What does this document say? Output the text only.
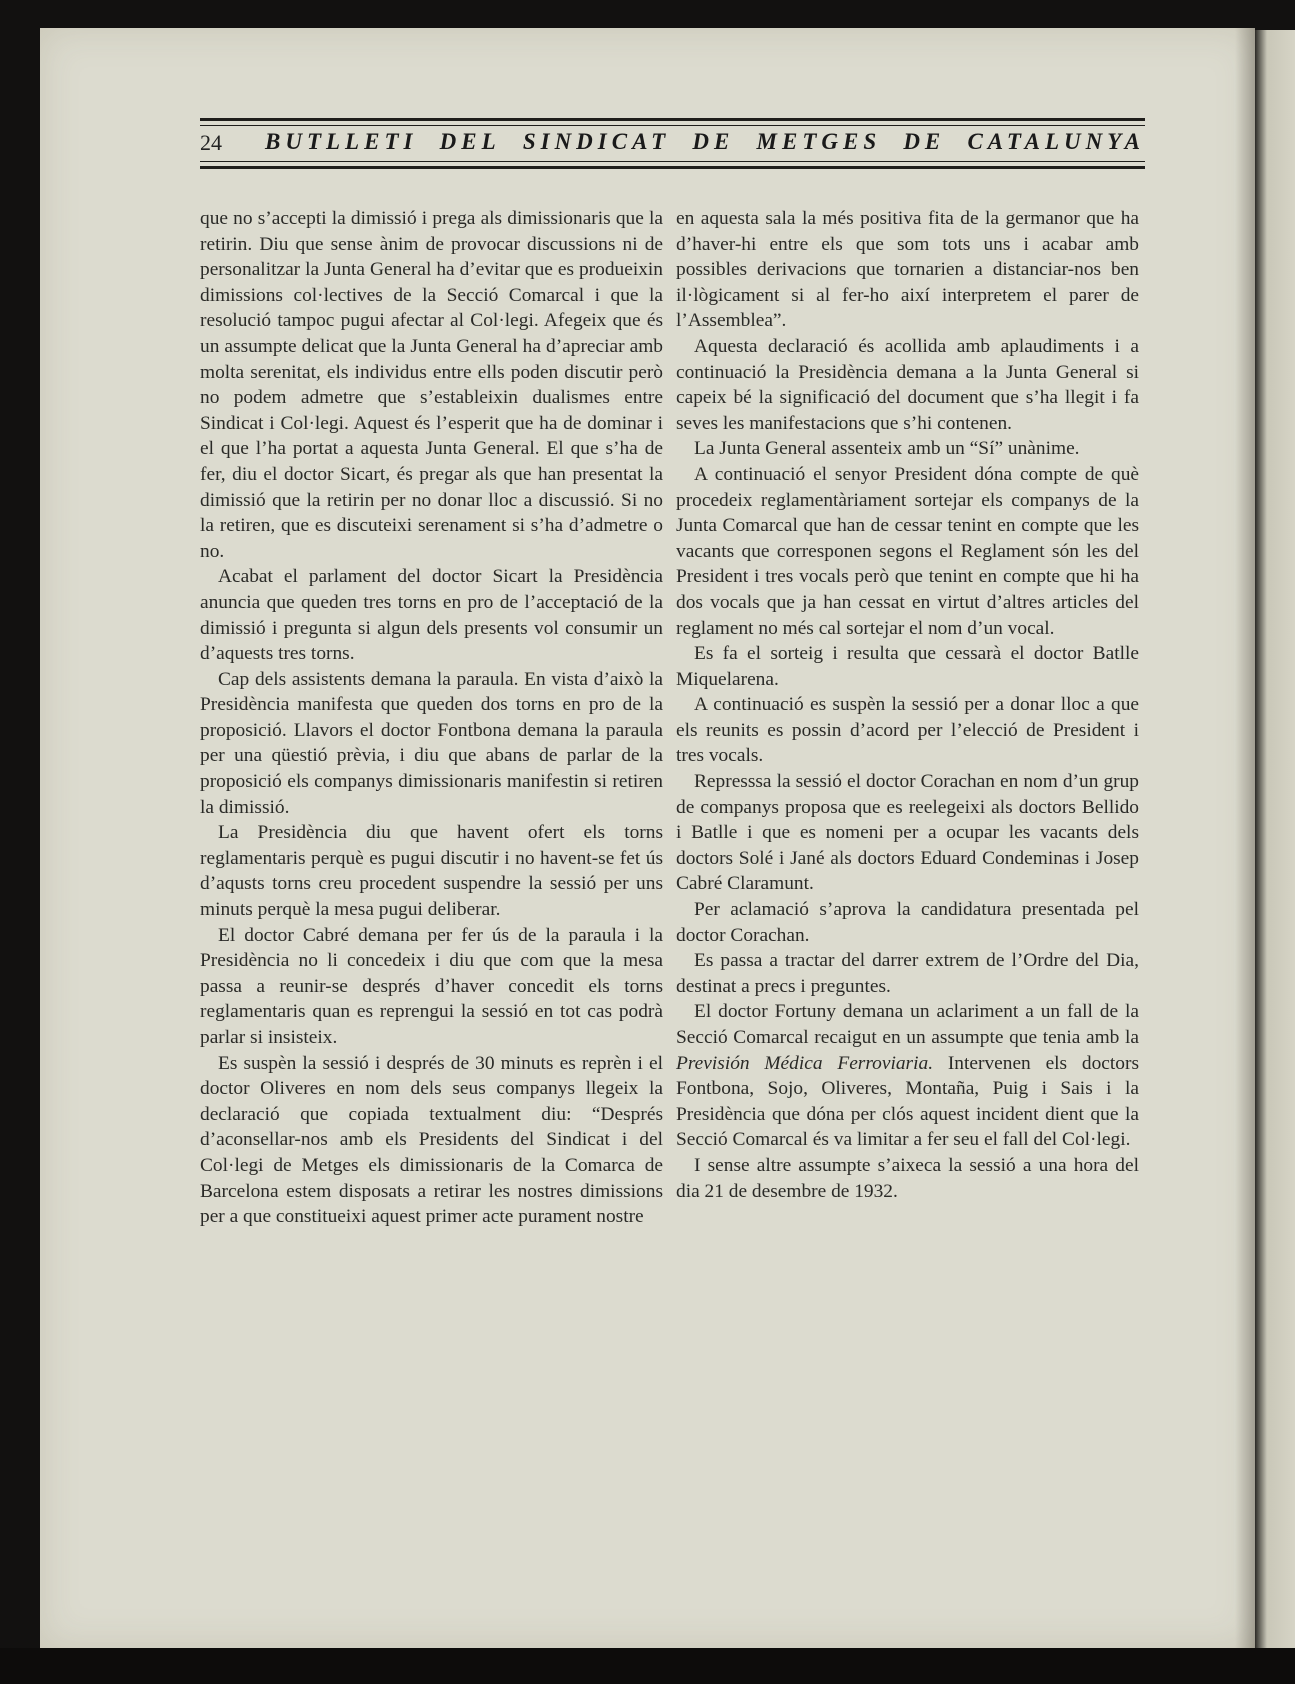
24 BUTLLETI DEL SINDICAT DE METGES DE CATALUNYA

que no s’accepti la dimissió i prega als dimissionaris que la retirin. Diu que sense ànim de provocar discussions ni de personalitzar la Junta General ha d’evitar que es produeixin dimissions col·lectives de la Secció Comarcal i que la resolució tampoc pugui afectar al Col·legi. Afegeix que és un assumpte delicat que la Junta General ha d’apreciar amb molta serenitat, els individus entre ells poden discutir però no podem admetre que s’estableixin dualismes entre Sindicat i Col·legi. Aquest és l’esperit que ha de dominar i el que l’ha portat a aquesta Junta General. El que s’ha de fer, diu el doctor Sicart, és pregar als que han presentat la dimissió que la retirin per no donar lloc a discussió. Si no la retiren, que es discuteixi serenament si s’ha d’admetre o no.

Acabat el parlament del doctor Sicart la Presidència anuncia que queden tres torns en pro de l’acceptació de la dimissió i pregunta si algun dels presents vol consumir un d’aquests tres torns.

Cap dels assistents demana la paraula. En vista d’això la Presidència manifesta que queden dos torns en pro de la proposició. Llavors el doctor Fontbona demana la paraula per una qüestió prèvia, i diu que abans de parlar de la proposició els companys dimissionaris manifestin si retiren la dimissió.

La Presidència diu que havent ofert els torns reglamentaris perquè es pugui discutir i no havent-se fet ús d’aqusts torns creu procedent suspendre la sessió per uns minuts perquè la mesa pugui deliberar.

El doctor Cabré demana per fer ús de la paraula i la Presidència no li concedeix i diu que com que la mesa passa a reunir-se després d’haver concedit els torns reglamentaris quan es reprengui la sessió en tot cas podrà parlar si insisteix.

Es suspèn la sessió i després de 30 minuts es reprèn i el doctor Oliveres en nom dels seus companys llegeix la declaració que copiada textualment diu: “Després d’aconsellar-nos amb els Presidents del Sindicat i del Col·legi de Metges els dimissionaris de la Comarca de Barcelona estem disposats a retirar les nostres dimissions per a que constitueixi aquest primer acte purament nostre

en aquesta sala la més positiva fita de la germanor que ha d’haver-hi entre els que som tots uns i acabar amb possibles derivacions que tornarien a distanciar-nos ben il·lògicament si al fer-ho així interpretem el parer de l’Assemblea”.

Aquesta declaració és acollida amb aplaudiments i a continuació la Presidència demana a la Junta General si capeix bé la significació del document que s’ha llegit i fa seves les manifestacions que s’hi contenen.

La Junta General assenteix amb un “Sí” unànime.

A continuació el senyor President dóna compte de què procedeix reglamentàriament sortejar els companys de la Junta Comarcal que han de cessar tenint en compte que les vacants que corresponen segons el Reglament són les del President i tres vocals però que tenint en compte que hi ha dos vocals que ja han cessat en virtut d’altres articles del reglament no més cal sortejar el nom d’un vocal.

Es fa el sorteig i resulta que cessarà el doctor Batlle Miquelarena.

A continuació es suspèn la sessió per a donar lloc a que els reunits es possin d’acord per l’elecció de President i tres vocals.

Represssa la sessió el doctor Corachan en nom d’un grup de companys proposa que es reelegeixi als doctors Bellido i Batlle i que es nomeni per a ocupar les vacants dels doctors Solé i Jané als doctors Eduard Condeminas i Josep Cabré Claramunt.

Per aclamació s’aprova la candidatura presentada pel doctor Corachan.

Es passa a tractar del darrer extrem de l’Ordre del Dia, destinat a precs i preguntes.

El doctor Fortuny demana un aclariment a un fall de la Secció Comarcal recaigut en un assumpte que tenia amb la Previsión Médica Ferroviaria. Intervenen els doctors Fontbona, Sojo, Oliveres, Montaña, Puig i Sais i la Presidència que dóna per clós aquest incident dient que la Secció Comarcal és va limitar a fer seu el fall del Col·legi.

I sense altre assumpte s’aixeca la sessió a una hora del dia 21 de desembre de 1932.
